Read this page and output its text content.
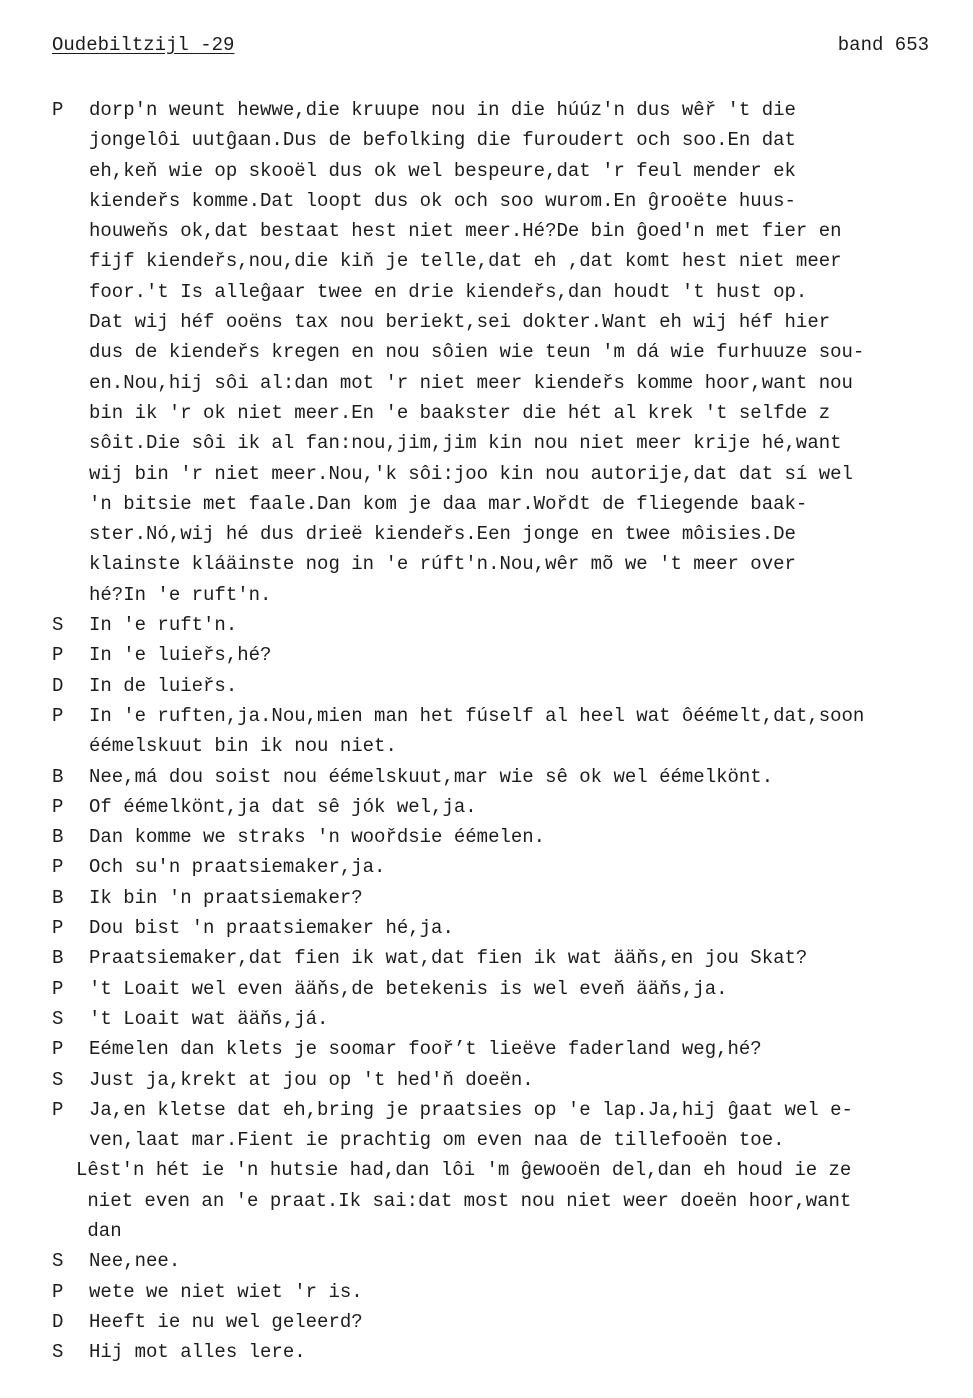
Oudebiltzijl -29	band 653
P	dorp'n weunt hewwe,die kruupe nou in die húúz'n dus wêř 't die
jongelôi uutĝaan.Dus de befolking die furoudert och soo.En dat
eh,keň wie op skooël dus ok wel bespeure,dat 'r feul mender ek
kiendeřs komme.Dat loopt dus ok och soo wurom.En ĝrooëte huus-
houweňs ok,dat bestaat hest niet meer.Hé?De bin ĝoed'n met fier en
fijf kiendeřs,nou,die kiň je telle,dat eh ,dat komt hest niet meer
foor.'t Is alleĝaar twee en drie kiendeřs,dan houdt 't hust op.
Dat wij héf ooëns tax nou beriekt,sei dokter.Want eh wij héf hier
dus de kiendeřs kregen en nou sôien wie teun 'm dá wie furhuuze sou-
en.Nou,hij sôi al:dan mot 'r niet meer kiendeřs komme hoor,want nou
bin ik 'r ok niet meer.En 'e baakster die hét al krek 't selfde z
sôit.Die sôi ik al fan:nou,jim,jim kin nou niet meer krije hé,want
wij bin 'r niet meer.Nou,'k sôi:joo kin nou autorije,dat dat sí wel
'n bitsie met faale.Dan kom je daa mar.Wořdt de fliegende baak-
ster.Nó,wij hé dus drieë kiendeřs.Een jonge en twee môisies.De
klainste kláäinste nog in 'e rúft'n.Nou,wêr mõ we 't meer over
hé?In 'e ruft'n.
S	In 'e ruft'n.
P	In 'e luieřs,hé?
D	In de luieřs.
P	In 'e ruften,ja.Nou,mien man het fúself al heel wat ôéémelt,dat,soon
éémelskuut bin ik nou niet.
B	Nee,má dou soist nou éémelskuut,mar wie sê ok wel éémelkönt.
P	Of éémelkönt,ja dat sê jók wel,ja.
B	Dan komme we straks 'n woořdsie éémelen.
P	Och su'n praatsiemaker,ja.
B	Ik bin 'n praatsiemaker?
P	Dou bist 'n praatsiemaker hé,ja.
B	Praatsiemaker,dat fien ik wat,dat fien ik wat ääňs,en jou Skat?
P	't Loait wel even ääňs,de betekenis is wel eveň ääňs,ja.
S	't Loait wat ääňs,já.
P	Eémelen dan klets je soomar fooř’t lieëve faderland weg,hé?
S	Just ja,krekt at jou op 't hed'ň doeën.
P	Ja,en kletse dat eh,bring je praatsies op 'e lap.Ja,hij ĝaat wel e-
ven,laat mar.Fient ie prachtig om even naa de tillefooën toe.
Lêst'n hét ie 'n hutsie had,dan lôi 'm ĝewooën del,dan eh houd ie ze
niet even an 'e praat.Ik sai:dat most nou niet weer doeën hoor,want
dan
S	Nee,nee.
P	wete we niet wiet 'r is.
D	Heeft ie nu wel geleerd?
S	Hij mot alles lere.
